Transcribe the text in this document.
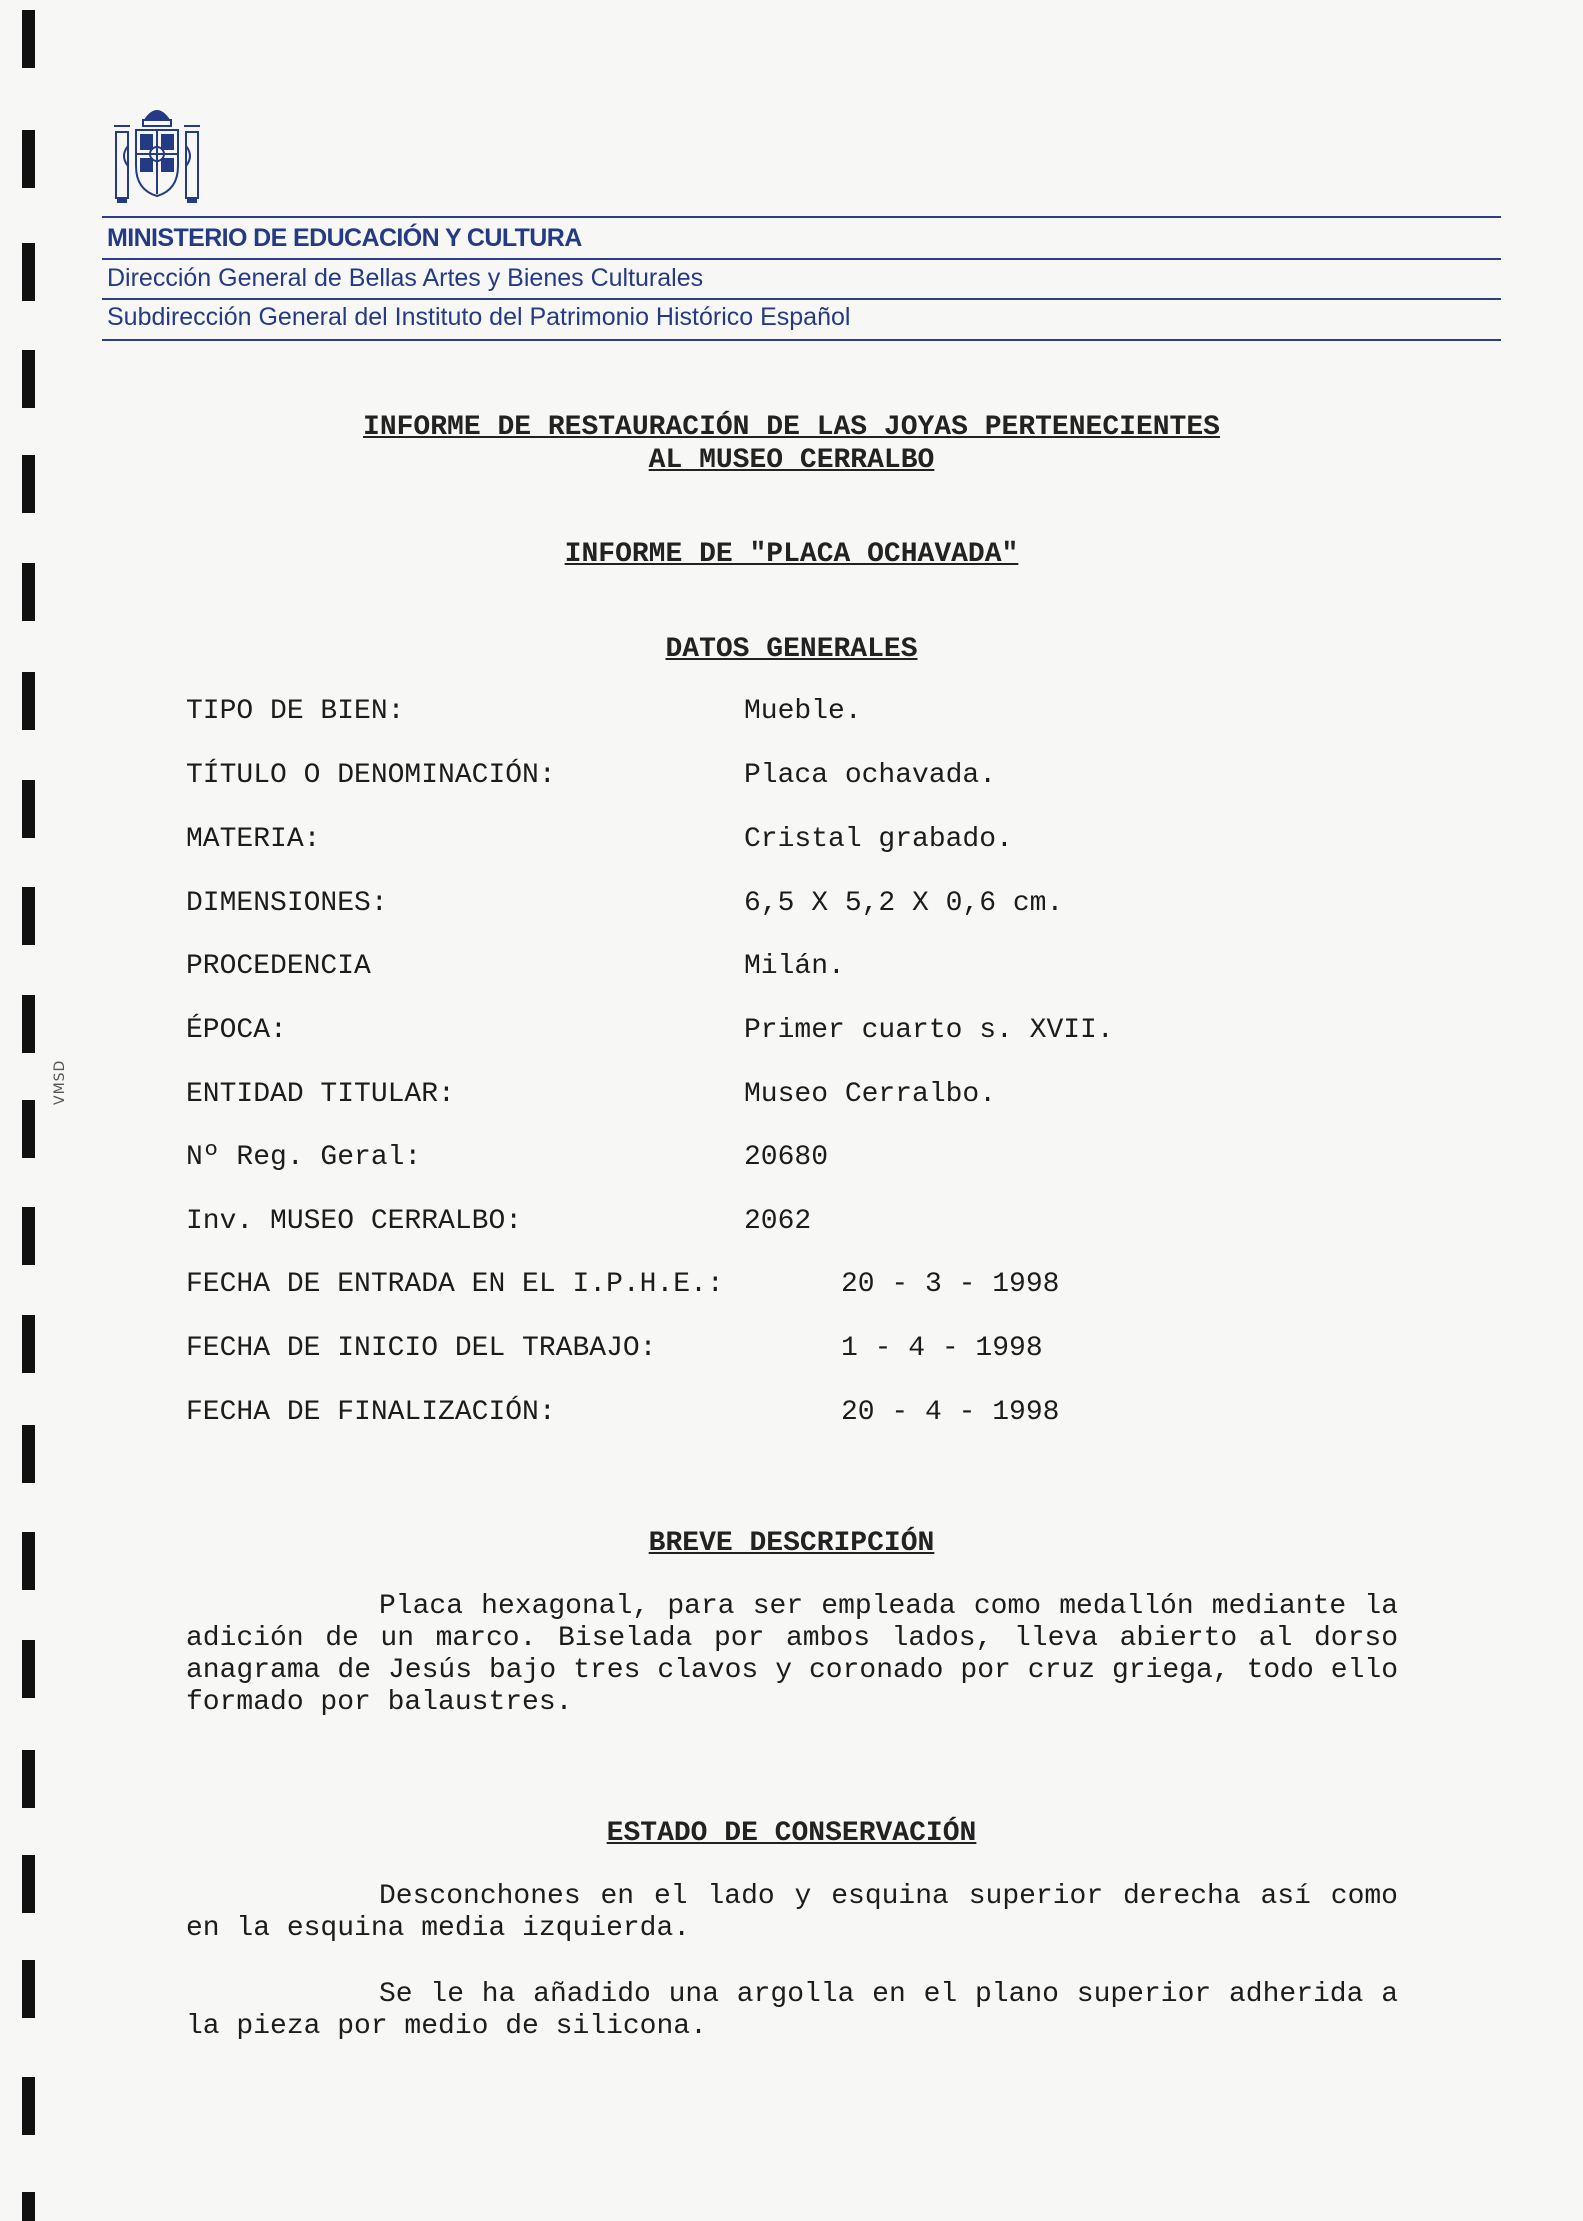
VMSD
MINISTERIO DE EDUCACIÓN Y CULTURA
Dirección General de Bellas Artes y Bienes Culturales
Subdirección General del Instituto del Patrimonio Histórico Español
INFORME DE RESTAURACIÓN DE LAS JOYAS PERTENECIENTES
AL MUSEO CERRALBO
INFORME DE "PLACA OCHAVADA"
DATOS GENERALES
TIPO DE BIEN:	Mueble.
TÍTULO O DENOMINACIÓN:	Placa ochavada.
MATERIA:	Cristal grabado.
DIMENSIONES:	6,5 X 5,2 X 0,6 cm.
PROCEDENCIA	Milán.
ÉPOCA:	Primer cuarto s. XVII.
ENTIDAD TITULAR:	Museo Cerralbo.
Nº Reg. Geral:	20680
Inv. MUSEO CERRALBO:	2062
FECHA DE ENTRADA EN EL I.P.H.E.:	20 - 3 - 1998
FECHA DE INICIO DEL TRABAJO:	1 - 4 - 1998
FECHA DE FINALIZACIÓN:	20 - 4 - 1998
BREVE DESCRIPCIÓN
Placa hexagonal, para ser empleada como medallón mediante la adición de un marco. Biselada por ambos lados, lleva abierto al dorso anagrama de Jesús bajo tres clavos y coronado por cruz griega, todo ello formado por balaustres.
ESTADO DE CONSERVACIÓN
Desconchones en el lado y esquina superior derecha así como en la esquina media izquierda.
Se le ha añadido una argolla en el plano superior adherida a la pieza por medio de silicona.
